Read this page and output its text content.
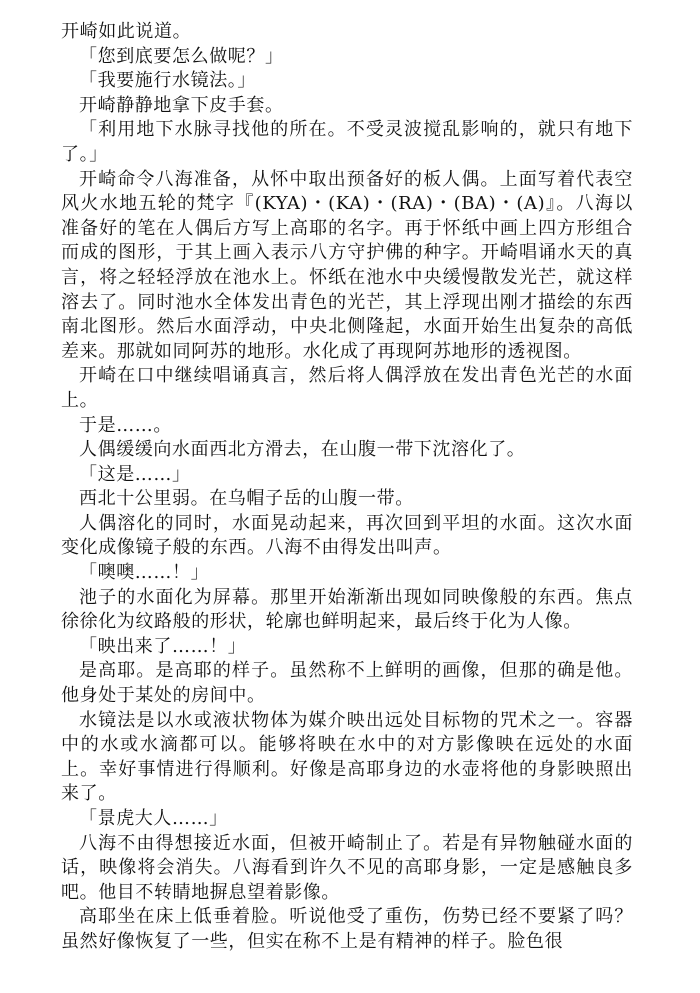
开崎如此说道。

「您到底要怎么做呢？」

「我要施行水镜法。」

开崎静静地拿下皮手套。

「利用地下水脉寻找他的所在。不受灵波搅乱影响的，就只有地下了。」

开崎命令八海准备，从怀中取出预备好的板人偶。上面写着代表空风火水地五轮的梵字『(KYA)・(KA)・(RA)・(BA)・(A)』。八海以准备好的笔在人偶后方写上高耶的名字。再于怀纸中画上四方形组合而成的图形，于其上画入表示八方守护佛的种字。开崎唱诵水天的真言，将之轻轻浮放在池水上。怀纸在池水中央缓慢散发光芒，就这样溶去了。同时池水全体发出青色的光芒，其上浮现出刚才描绘的东西南北图形。然后水面浮动，中央北侧隆起，水面开始生出复杂的高低差来。那就如同阿苏的地形。水化成了再现阿苏地形的透视图。

开崎在口中继续唱诵真言，然后将人偶浮放在发出青色光芒的水面上。

于是……。

人偶缓缓向水面西北方滑去，在山腹一带下沈溶化了。

「这是……」

西北十公里弱。在乌帽子岳的山腹一带。

人偶溶化的同时，水面晃动起来，再次回到平坦的水面。这次水面变化成像镜子般的东西。八海不由得发出叫声。

「噢噢……！」

池子的水面化为屏幕。那里开始渐渐出现如同映像般的东西。焦点徐徐化为纹路般的形状，轮廓也鲜明起来，最后终于化为人像。

「映出来了……！」

是高耶。是高耶的样子。虽然称不上鲜明的画像，但那的确是他。他身处于某处的房间中。

水镜法是以水或液状物体为媒介映出远处目标物的咒术之一。容器中的水或水滴都可以。能够将映在水中的对方影像映在远处的水面上。幸好事情进行得顺利。好像是高耶身边的水壶将他的身影映照出来了。

「景虎大人……」

八海不由得想接近水面，但被开崎制止了。若是有异物触碰水面的话，映像将会消失。八海看到许久不见的高耶身影，一定是感触良多吧。他目不转睛地摒息望着影像。

高耶坐在床上低垂着脸。听说他受了重伤，伤势已经不要紧了吗？虽然好像恢复了一些，但实在称不上是有精神的样子。脸色很
